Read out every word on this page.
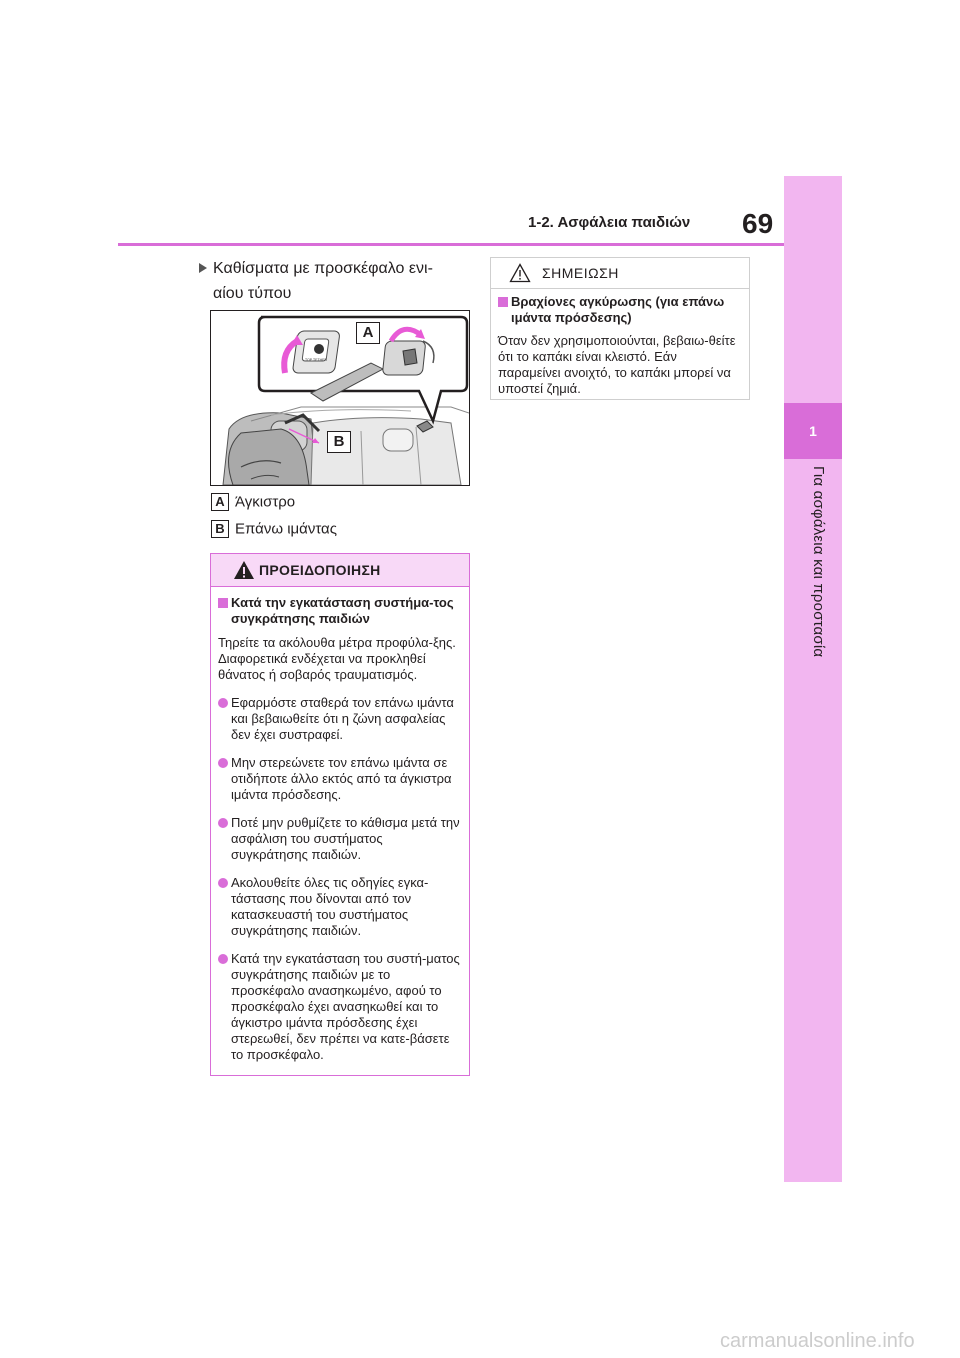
1
Για ασφάλεια και προστασία
1-2. Ασφάλεια παιδιών 69
Καθίσματα με προσκέφαλο ενι-
αίου τύπου
TOP TETHER
A
B
A Άγκιστρο
B Επάνω ιμάντας
ΠΡΟΕΙΔΟΠΟΙΗΣΗ
Κατά την εγκατάσταση συστήμα-τος συγκράτησης παιδιών
Τηρείτε τα ακόλουθα μέτρα προφύλα-ξης. Διαφορετικά ενδέχεται να προκληθεί θάνατος ή σοβαρός τραυματισμός.
Εφαρμόστε σταθερά τον επάνω ιμάντα και βεβαιωθείτε ότι η ζώνη ασφαλείας δεν έχει συστραφεί.
Μην στερεώνετε τον επάνω ιμάντα σε οτιδήποτε άλλο εκτός από τα άγκιστρα ιμάντα πρόσδεσης.
Ποτέ μην ρυθμίζετε το κάθισμα μετά την ασφάλιση του συστήματος συγκράτησης παιδιών.
Ακολουθείτε όλες τις οδηγίες εγκα-τάστασης που δίνονται από τον κατασκευαστή του συστήματος συγκράτησης παιδιών.
Κατά την εγκατάσταση του συστή-ματος συγκράτησης παιδιών με το προσκέφαλο ανασηκωμένο, αφού το προσκέφαλο έχει ανασηκωθεί και το άγκιστρο ιμάντα πρόσδεσης έχει στερεωθεί, δεν πρέπει να κατε-βάσετε το προσκέφαλο.
ΣΗΜΕΙΩΣΗ
Βραχίονες αγκύρωσης (για επάνω ιμάντα πρόσδεσης)
Όταν δεν χρησιμοποιούνται, βεβαιω-θείτε ότι το καπάκι είναι κλειστό. Εάν παραμείνει ανοιχτό, το καπάκι μπορεί να υποστεί ζημιά.
carmanualsonline.info
